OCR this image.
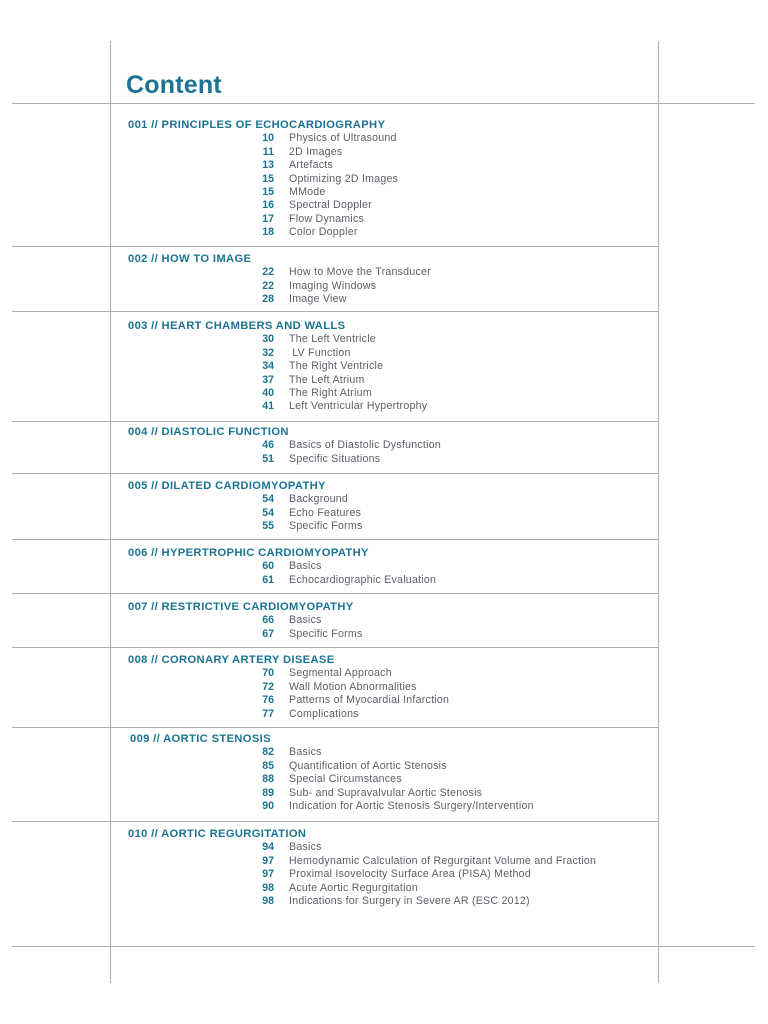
Content
001 // PRINCIPLES OF ECHOCARDIOGRAPHY
10 Physics of Ultrasound
11 2D Images
13 Artefacts
15 Optimizing 2D Images
15 MMode
16 Spectral Doppler
17 Flow Dynamics
18 Color Doppler
002 // HOW TO IMAGE
22 How to Move the Transducer
22 Imaging Windows
28 Image View
003 // HEART CHAMBERS AND WALLS
30 The Left Ventricle
32 LV Function
34 The Right Ventricle
37 The Left Atrium
40 The Right Atrium
41 Left Ventricular Hypertrophy
004 // DIASTOLIC FUNCTION
46 Basics of Diastolic Dysfunction
51 Specific Situations
005 // DILATED CARDIOMYOPATHY
54 Background
54 Echo Features
55 Specific Forms
006 // HYPERTROPHIC CARDIOMYOPATHY
60 Basics
61 Echocardiographic Evaluation
007 // RESTRICTIVE CARDIOMYOPATHY
66 Basics
67 Specific Forms
008 // CORONARY ARTERY DISEASE
70 Segmental Approach
72 Wall Motion Abnormalities
76 Patterns of Myocardial Infarction
77 Complications
009 // AORTIC STENOSIS
82 Basics
85 Quantification of Aortic Stenosis
88 Special Circumstances
89 Sub- and Supravalvular Aortic Stenosis
90 Indication for Aortic Stenosis Surgery/Intervention
010 // AORTIC REGURGITATION
94 Basics
97 Hemodynamic Calculation of Regurgitant Volume and Fraction
97 Proximal Isovelocity Surface Area (PISA) Method
98 Acute Aortic Regurgitation
98 Indications for Surgery in Severe AR (ESC 2012)
